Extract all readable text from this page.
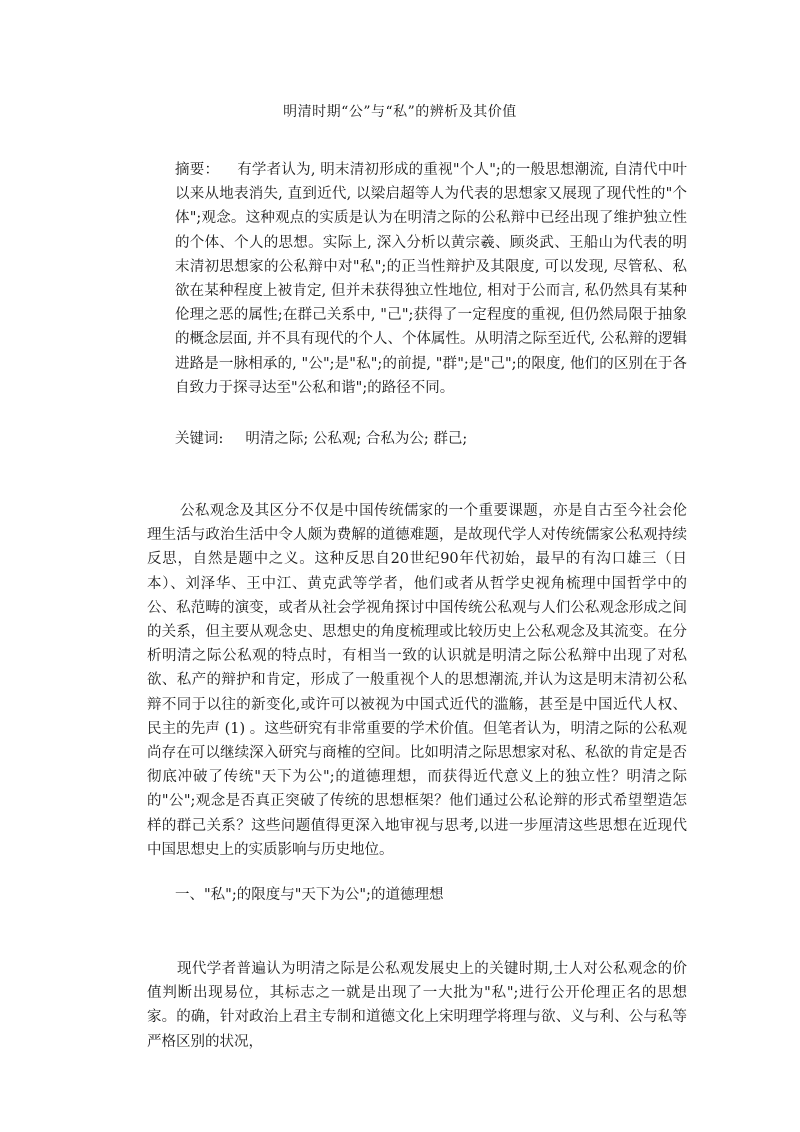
明清时期“公”与“私”的辨析及其价值
摘要： 有学者认为, 明末清初形成的重视"个人";的一般思想潮流, 自清代中叶以来从地表消失, 直到近代, 以梁启超等人为代表的思想家又展现了现代性的"个体";观念。这种观点的实质是认为在明清之际的公私辩中已经出现了维护独立性的个体、个人的思想。实际上, 深入分析以黄宗羲、顾炎武、王船山为代表的明末清初思想家的公私辩中对"私";的正当性辩护及其限度, 可以发现, 尽管私、私欲在某种程度上被肯定, 但并未获得独立性地位, 相对于公而言, 私仍然具有某种伦理之恶的属性;在群己关系中, "己";获得了一定程度的重视, 但仍然局限于抽象的概念层面, 并不具有现代的个人、个体属性。从明清之际至近代, 公私辩的逻辑进路是一脉相承的, "公";是"私";的前提, "群";是"己";的限度, 他们的区别在于各自致力于探寻达至"公私和谐";的路径不同。
关键词: 明清之际; 公私观; 合私为公; 群己;
公私观念及其区分不仅是中国传统儒家的一个重要课题，亦是自古至今社会伦理生活与政治生活中令人颇为费解的道德难题，是故现代学人对传统儒家公私观持续反思，自然是题中之义。这种反思自20世纪90年代初始，最早的有沟口雄三（日本）、刘泽华、王中江、黄克武等学者，他们或者从哲学史视角梳理中国哲学中的公、私范畴的演变，或者从社会学视角探讨中国传统公私观与人们公私观念形成之间的关系，但主要从观念史、思想史的角度梳理或比较历史上公私观念及其流变。在分析明清之际公私观的特点时，有相当一致的认识就是明清之际公私辩中出现了对私欲、私产的辩护和肯定，形成了一般重视个人的思想潮流,并认为这是明末清初公私辩不同于以往的新变化,或许可以被视为中国式近代的滥觞，甚至是中国近代人权、民主的先声 (1) 。这些研究有非常重要的学术价值。但笔者认为，明清之际的公私观尚存在可以继续深入研究与商榷的空间。比如明清之际思想家对私、私欲的肯定是否彻底冲破了传统"天下为公";的道德理想，而获得近代意义上的独立性？明清之际的"公";观念是否真正突破了传统的思想框架？他们通过公私论辩的形式希望塑造怎样的群己关系？这些问题值得更深入地审视与思考,以进一步厘清这些思想在近现代中国思想史上的实质影响与历史地位。
一、"私";的限度与"天下为公";的道德理想
现代学者普遍认为明清之际是公私观发展史上的关键时期,士人对公私观念的价值判断出现易位，其标志之一就是出现了一大批为"私";进行公开伦理正名的思想家。的确，针对政治上君主专制和道德文化上宋明理学将理与欲、义与利、公与私等严格区别的状况，
